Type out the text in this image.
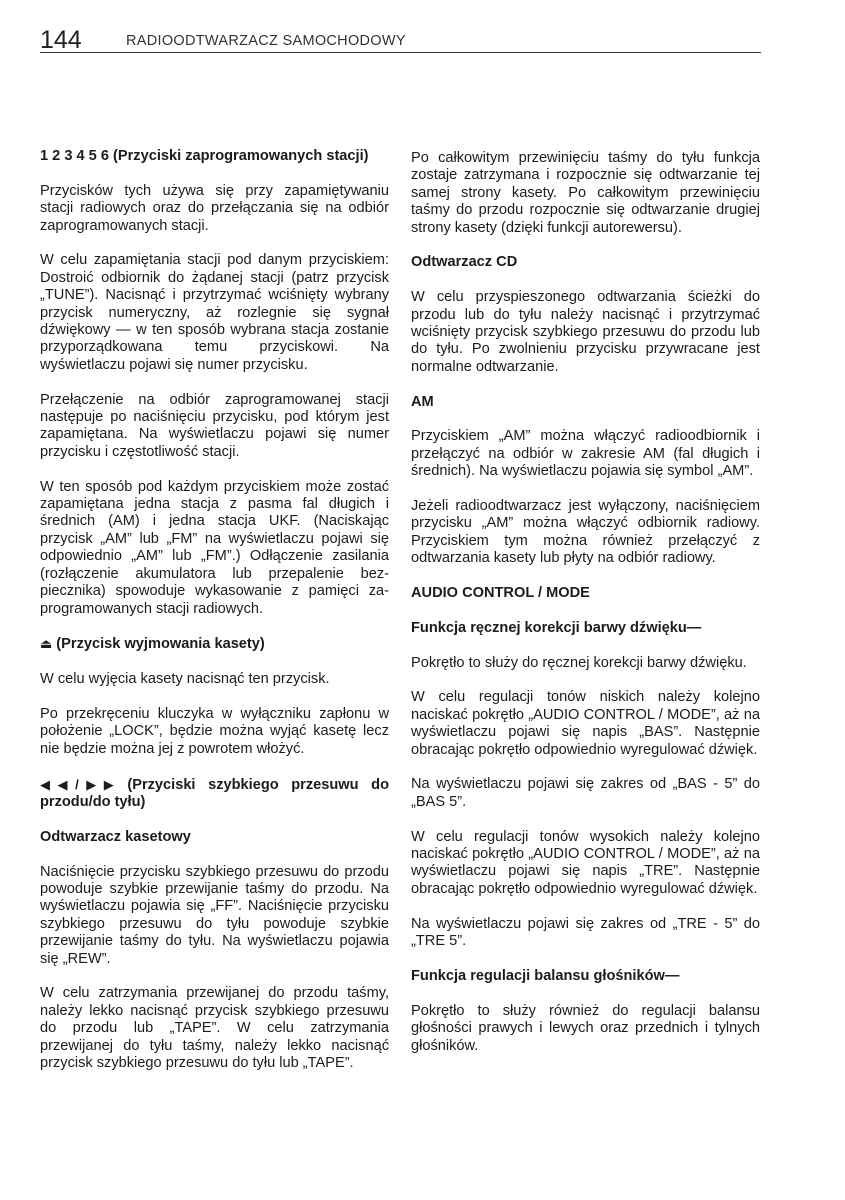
144	RADIOODTWARZACZ SAMOCHODOWY
1 2 3 4 5 6 (Przyciski zaprogramowanych stacji)

Przycisków tych używa się przy zapamiętywaniu stacji radiowych oraz do przełączania się na odbiór zaprogramowanych stacji.

W celu zapamiętania stacji pod danym przyciskiem: Dostroić odbiornik do żądanej stacji (patrz przycisk „TUNE”). Nacisnąć i przytrzymać wciśnięty wybrany przycisk numeryczny, aż rozlegnie się sygnał dźwiękowy — w ten sposób wybrana stacja zostanie przyporządkowana temu przyciskowi. Na wyświetlaczu pojawi się numer przycisku.

Przełączenie na odbiór zaprogramowanej stacji następuje po naciśnięciu przycisku, pod którym jest zapamiętana. Na wyświetlaczu pojawi się numer przycisku i częstotliwość stacji.

W ten sposób pod każdym przyciskiem może zostać zapamiętana jedna stacja z pasma fal długich i średnich (AM) i jedna stacja UKF. (Naciskając przycisk „AM” lub „FM” na wyświetlaczu pojawi się odpowiednio „AM” lub „FM”.) Odłączenie zasilania (rozłączenie akumulatora lub przepalenie bezpiecznika) spowoduje wykasowanie z pamięci zaprogramowanych stacji radiowych.

⏏ (Przycisk wyjmowania kasety)

W celu wyjęcia kasety nacisnąć ten przycisk.

Po przekręceniu kluczyka w wyłączniku zapłonu w położenie „LOCK”, będzie można wyjąć kasetę lecz nie będzie można jej z powrotem włożyć.

◀◀/▶▶ (Przyciski szybkiego przesuwu do przodu/do tyłu)
Odtwarzacz kasetowy

Naciśnięcie przycisku szybkiego przesuwu do przodu powoduje szybkie przewijanie taśmy do przodu. Na wyświetlaczu pojawia się „FF”. Naciśnięcie przycisku szybkiego przesuwu do tyłu powoduje szybkie przewijanie taśmy do tyłu. Na wyświetlaczu pojawia się „REW”.

W celu zatrzymania przewijanej do przodu taśmy, należy lekko nacisnąć przycisk szybkiego przesuwu do przodu lub „TAPE”. W celu zatrzymania przewijanej do tyłu taśmy, należy lekko nacisnąć przycisk szybkiego przesuwu do tyłu lub „TAPE”.

Po całkowitym przewinięciu taśmy do tyłu funkcja zostaje zatrzymana i rozpocznie się odtwarzanie tej samej strony kasety. Po całkowitym przewinięciu taśmy do przodu rozpocznie się odtwarzanie drugiej strony kasety (dzięki funkcji autorewersu).

Odtwarzacz CD

W celu przyspieszonego odtwarzania ścieżki do przodu lub do tyłu należy nacisnąć i przytrzymać wciśnięty przycisk szybkiego przesuwu do przodu lub do tyłu. Po zwolnieniu przycisku przywracane jest normalne odtwarzanie.

AM

Przyciskiem „AM” można włączyć radioodbiornik i przełączyć na odbiór w zakresie AM (fal długich i średnich). Na wyświetlaczu pojawia się symbol „AM”.

Jeżeli radioodtwarzacz jest wyłączony, naciśnięciem przycisku „AM” można włączyć odbiornik radiowy. Przyciskiem tym można również przełączyć z odtwarzania kasety lub płyty na odbiór radiowy.

AUDIO CONTROL / MODE
Funkcja ręcznej korekcji barwy dźwięku—

Pokrętło to służy do ręcznej korekcji barwy dźwięku.

W celu regulacji tonów niskich należy kolejno naciskać pokrętło „AUDIO CONTROL / MODE”, aż na wyświetlaczu pojawi się napis „BAS”. Następnie obracając pokrętło odpowiednio wyregulować dźwięk.

Na wyświetlaczu pojawi się zakres od „BAS - 5” do „BAS 5”.

W celu regulacji tonów wysokich należy kolejno naciskać pokrętło „AUDIO CONTROL / MODE”, aż na wyświetlaczu pojawi się napis „TRE”. Następnie obracając pokrętło odpowiednio wyregulować dźwięk.

Na wyświetlaczu pojawi się zakres od „TRE - 5” do „TRE 5”.

Funkcja regulacji balansu głośników—

Pokrętło to służy również do regulacji balansu głośności prawych i lewych oraz przednich i tylnych głośników.
